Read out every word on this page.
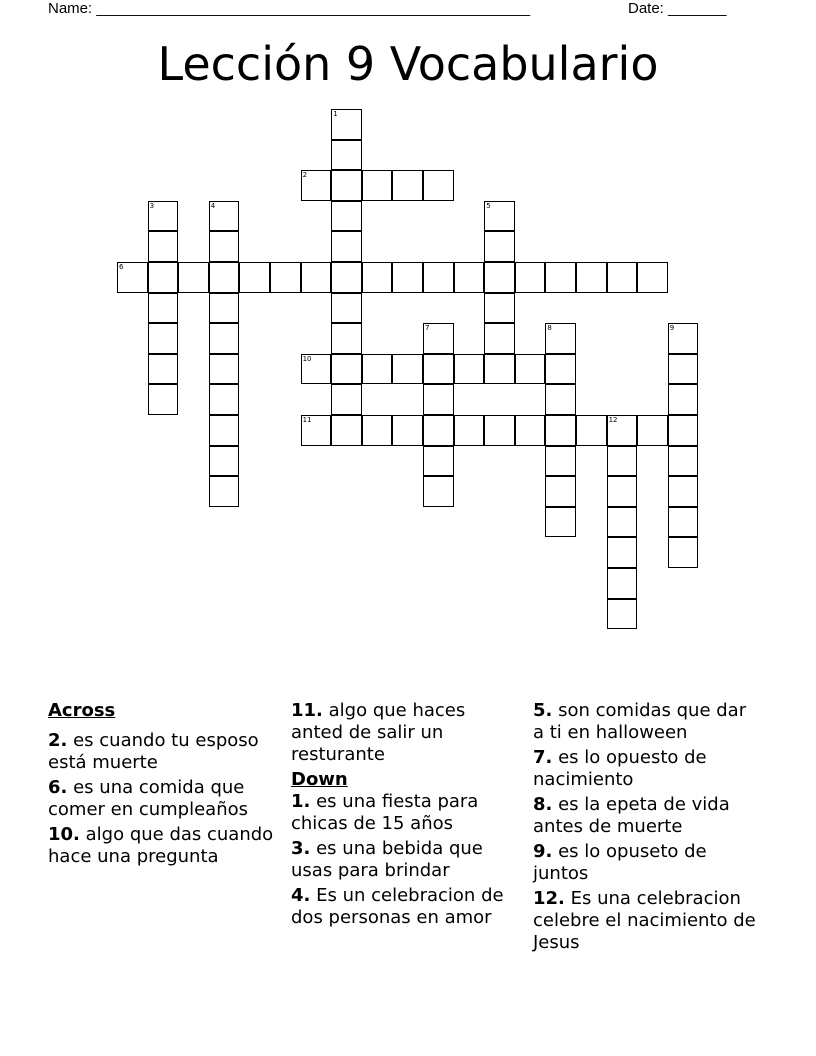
Name: ____________________________________________________	Date: _______
Lección 9 Vocabulario
1
2
3	4	5
6
7	8	9
10
11	12
Across
2. es cuando tu esposo está muerte
6. es una comida que comer en cumpleaños
10. algo que das cuando hace una pregunta
11. algo que haces anted de salir un resturante
Down
1. es una fiesta para chicas de 15 años
3. es una bebida que usas para brindar
4. Es un celebracion de dos personas en amor
5. son comidas que dar a ti en halloween
7. es lo opuesto de nacimiento
8. es la epeta de vida antes de muerte
9. es lo opuseto de juntos
12. Es una celebracion celebre el nacimiento de Jesus
